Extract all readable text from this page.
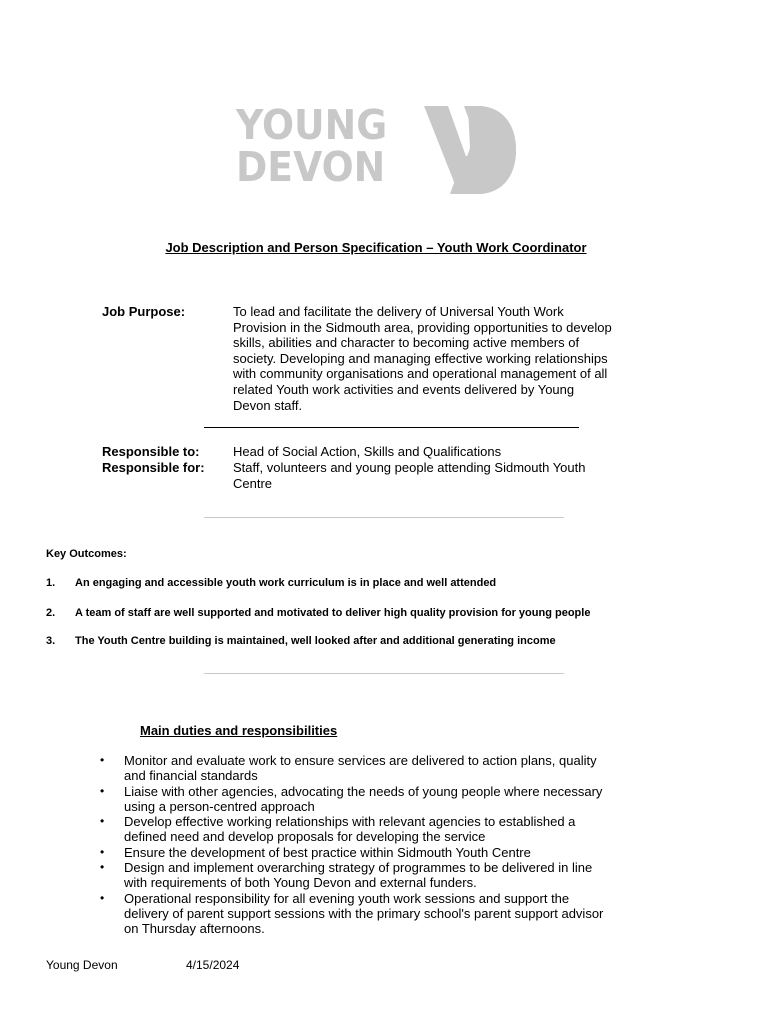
YOUNG
DEVON
Job Description and Person Specification – Youth Work Coordinator
Job Purpose:	To lead and facilitate the delivery of Universal Youth Work
Provision in the Sidmouth area, providing opportunities to develop
skills, abilities and character to becoming active members of
society. Developing and managing effective working relationships
with community organisations and operational management of all
related Youth work activities and events delivered by Young
Devon staff.
Responsible to:	Head of Social Action, Skills and Qualifications
Responsible for: Staff, volunteers and young people attending Sidmouth Youth
Centre
Key Outcomes:
1. An engaging and accessible youth work curriculum is in place and well attended
2. A team of staff are well supported and motivated to deliver high quality provision for young people
3. The Youth Centre building is maintained, well looked after and additional generating income
Main duties and responsibilities
• Monitor and evaluate work to ensure services are delivered to action plans, quality
and financial standards
• Liaise with other agencies, advocating the needs of young people where necessary
using a person-centred approach
• Develop effective working relationships with relevant agencies to established a
defined need and develop proposals for developing the service
• Ensure the development of best practice within Sidmouth Youth Centre
• Design and implement overarching strategy of programmes to be delivered in line
with requirements of both Young Devon and external funders.
• Operational responsibility for all evening youth work sessions and support the
delivery of parent support sessions with the primary school's parent support advisor
on Thursday afternoons.
Young Devon	4/15/2024
